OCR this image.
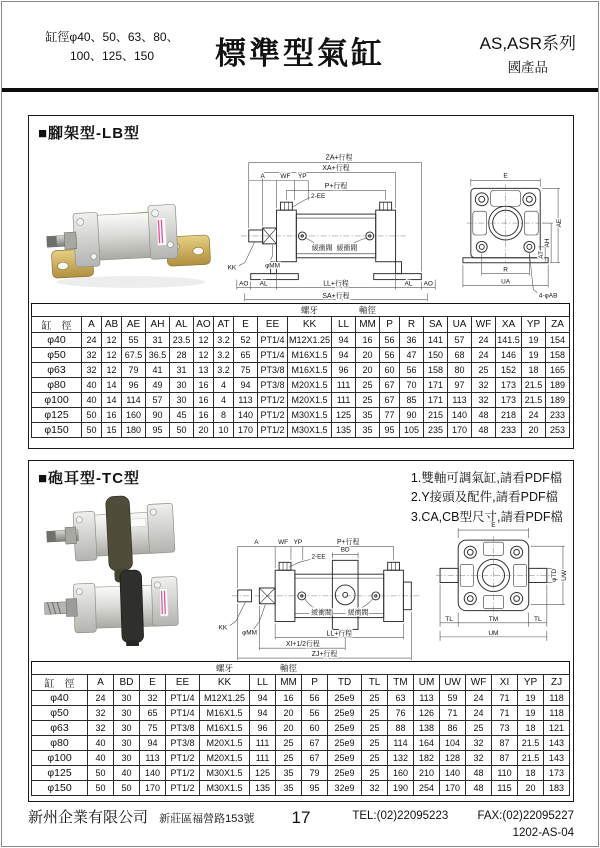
缸徑φ40、50、63、80、
100、125、150	標準型氣缸	AS,ASR系列
國產品
■腳架型-LB型
ZA+行程
XA+行程
A WF YP
P+行程
2-EE
KK	φMM
緩衝閥 緩衝閥
AO AL	LL+行程	AL AO
SA+行程
E
AE
AH
AT
R
UA
4-φAB
										螺牙		軸徑								
缸　徑	A	AB	AE	AH	AL	AO	AT	E	EE	KK	LL	MM	P	R	SA	UA	WF	XA	YP	ZA
φ40	24	12	55	31	23.5	12	3.2	52	PT1/4	M12X1.25	94	16	56	36	141	57	24	141.5	19	154
φ50	32	12	67.5	36.5	28	12	3.2	65	PT1/4	M16X1.5	94	20	56	47	150	68	24	146	19	158
φ63	32	12	79	41	31	13	3.2	75	PT3/8	M16X1.5	96	20	60	56	158	80	25	152	18	165
φ80	40	14	96	49	30	16	4	94	PT3/8	M20X1.5	111	25	67	70	171	97	32	173	21.5	189
φ100	40	14	114	57	30	16	4	113	PT1/2	M20X1.5	111	25	67	85	171	113	32	173	21.5	189
φ125	50	16	160	90	45	16	8	140	PT1/2	M30X1.5	125	35	77	90	215	140	48	218	24	233
φ150	50	15	180	95	50	20	10	170	PT1/2	M30X1.5	135	35	95	105	235	170	48	233	20	253
■砲耳型-TC型	1.雙軸可調氣缸,請看PDF檔
2.Y接頭及配件,請看PDF檔
3.CA,CB型尺寸,請看PDF檔
A	WF YP	P+行程
2-EE
BD
KK
φMM
緩衝閥 緩衝閥
LL+行程
XI+1/2行程
ZJ+行程
E
φTD UW
TL	TM	TL
UM
					螺牙		軸徑										
缸　徑	A	BD	E	EE	KK	LL	MM	P	TD	TL	TM	UM	UW	WF	XI	YP	ZJ
φ40	24	30	32	PT1/4	M12X1.25	94	16	56	25e9	25	63	113	59	24	71	19	118
φ50	32	30	65	PT1/4	M16X1.5	94	20	56	25e9	25	76	126	71	24	71	19	118
φ63	32	30	75	PT3/8	M16X1.5	96	20	60	25e9	25	88	138	86	25	73	18	121
φ80	40	30	94	PT3/8	M20X1.5	111	25	67	25e9	25	114	164	104	32	87	21.5	143
φ100	40	30	113	PT1/2	M20X1.5	111	25	67	25e9	25	132	182	128	32	87	21.5	143
φ125	50	40	140	PT1/2	M30X1.5	125	35	79	25e9	25	160	210	140	48	110	18	173
φ150	50	50	170	PT1/2	M30X1.5	135	35	95	32e9	32	190	254	170	48	115	20	183
新州企業有限公司 新莊區福營路153號 17	TEL:(02)22095223	FAX:(02)22095227
1202-AS-04
